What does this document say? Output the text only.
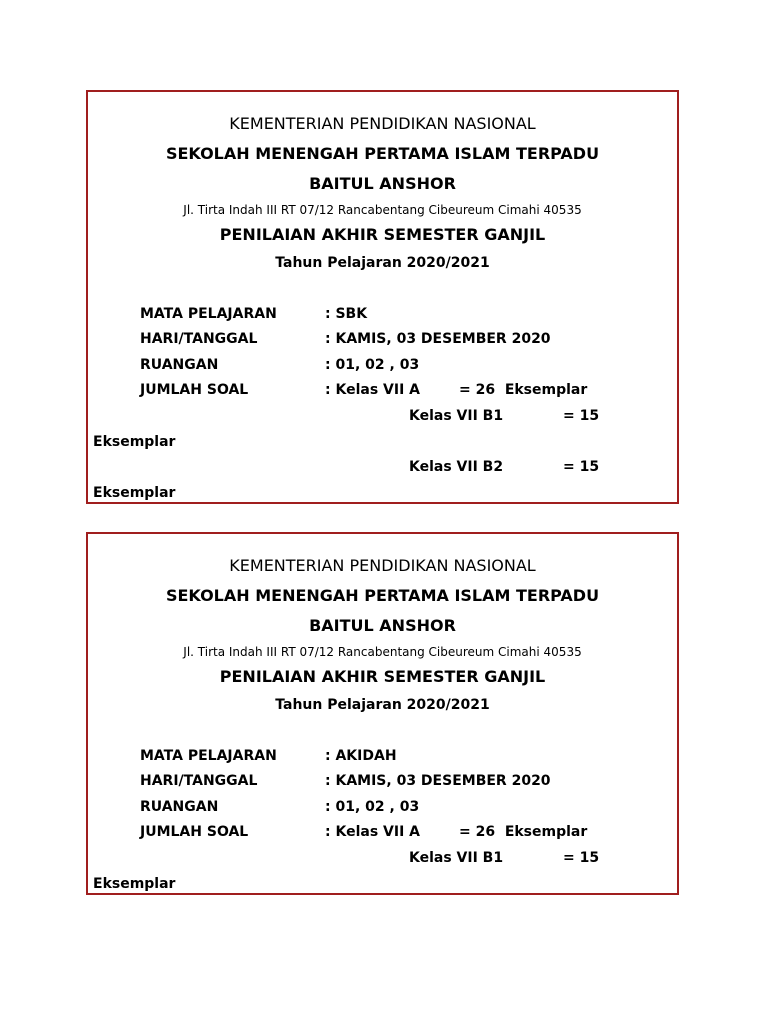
KEMENTERIAN PENDIDIKAN NASIONAL
SEKOLAH MENENGAH PERTAMA ISLAM TERPADU
BAITUL ANSHOR
Jl. Tirta Indah III RT 07/12 Rancabentang Cibeureum Cimahi 40535
PENILAIAN AKHIR SEMESTER GANJIL
Tahun Pelajaran 2020/2021
MATA PELAJARAN	: SBK
HARI/TANGGAL	: KAMIS, 03 DESEMBER 2020
RUANGAN	: 01, 02 , 03
JUMLAH SOAL	: Kelas VII A        = 26  Eksemplar
Kelas VII B1	= 15
Eksemplar
Kelas VII B2	= 15
Eksemplar
KEMENTERIAN PENDIDIKAN NASIONAL
SEKOLAH MENENGAH PERTAMA ISLAM TERPADU
BAITUL ANSHOR
Jl. Tirta Indah III RT 07/12 Rancabentang Cibeureum Cimahi 40535
PENILAIAN AKHIR SEMESTER GANJIL
Tahun Pelajaran 2020/2021
MATA PELAJARAN	: AKIDAH
HARI/TANGGAL	: KAMIS, 03 DESEMBER 2020
RUANGAN	: 01, 02 , 03
JUMLAH SOAL	: Kelas VII A        = 26  Eksemplar
Kelas VII B1	= 15
Eksemplar
